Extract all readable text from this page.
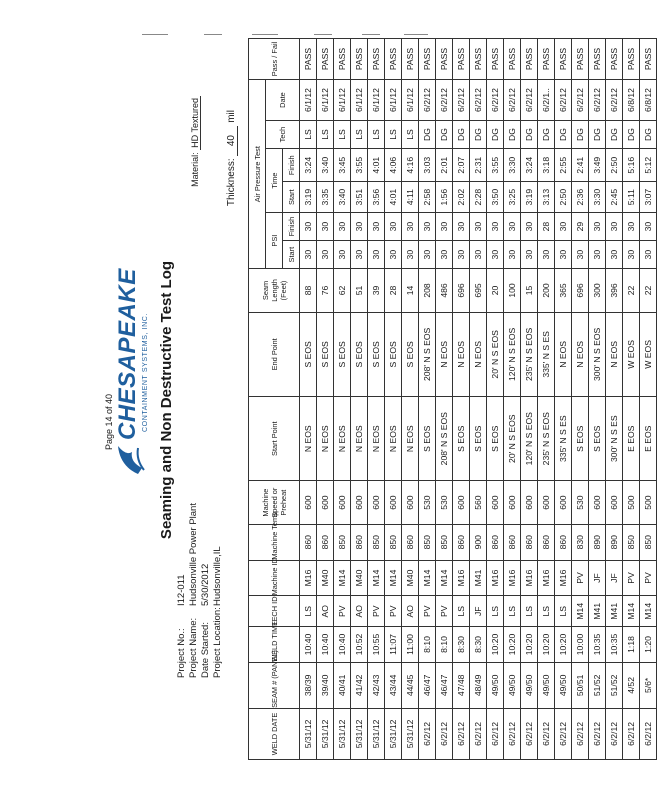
Page 14 of 40 CHESAPEAKE CONTAINMENT SYSTEMS, INC. Seaming and Non Destructive Test Log
Project No.:I12-011
Project Name:Hudsonville Power Plant
Date Started:5/30/2012
Project Location:Hudsonville,IL
Material: HD Textured
Thickness: 40 mil
WELD DATE	SEAM # (PANEL)	WELD TIME	TECH ID	Machine ID	Machine Temp	Machine Speed or Preheat	Start Point	End Point	Seam Length (Feet)	Air Pressure Test						Pass / Fail
										PSI		Time		Tech	Date	
										Start	Finish	Start	Finish			
5/31/12	38/39	10:40	LS	M16	860	600	N EOS	S EOS	88	30	30	3:19	3:24	LS	6/1/12	PASS
5/31/12	39/40	10:40	AO	M40	860	600	N EOS	S EOS	76	30	30	3:35	3:40	LS	6/1/12	PASS
5/31/12	40/41	10:40	PV	M14	850	600	N EOS	S EOS	62	30	30	3:40	3:45	LS	6/1/12	PASS
5/31/12	41/42	10:52	AO	M40	860	600	N EOS	S EOS	51	30	30	3:51	3:55	LS	6/1/12	PASS
5/31/12	42/43	10:55	PV	M14	850	600	N EOS	S EOS	39	30	30	3:56	4:01	LS	6/1/12	PASS
5/31/12	43/44	11:07	PV	M14	850	600	N EOS	S EOS	28	30	30	4:01	4:06	LS	6/1/12	PASS
5/31/12	44/45	11:00	AO	M40	860	600	N EOS	S EOS	14	30	30	4:11	4:16	LS	6/1/12	PASS
6/2/12	46/47	8:10	PV	M14	850	530	S EOS	208' N S EOS	208	30	30	2:58	3:03	DG	6/2/12	PASS
6/2/12	46/47	8:10	PV	M14	850	530	208' N S EOS	N EOS	486	30	30	1:56	2:01	DG	6/2/12	PASS
6/2/12	47/48	8:30	LS	M16	860	600	S EOS	N EOS	696	30	30	2:02	2:07	DG	6/2/12	PASS
6/2/12	48/49	8:30	JF	M41	900	560	S EOS	N EOS	695	30	30	2:28	2:31	DG	6/2/12	PASS
6/2/12	49/50	10:20	LS	M16	860	600	S EOS	20' N S EOS	20	30	30	3:50	3:55	DG	6/2/12	PASS
6/2/12	49/50	10:20	LS	M16	860	600	20' N S EOS	120' N S EOS	100	30	30	3:25	3:30	DG	6/2/12	PASS
6/2/12	49/50	10:20	LS	M16	860	600	120' N S EOS	235' N S EOS	15	30	30	3:19	3:24	DG	6/2/12	PASS
6/2/12	49/50	10:20	LS	M16	860	600	235' N S EOS	335' N S ES	200	30	28	3:13	3:18	DG	6/2/1..	PASS
6/2/12	49/50	10:20	LS	M16	860	600	335' N S ES	N EOS	365	30	30	2:50	2:55	DG	6/2/12	PASS
6/2/12	50/51	10:00	M14	PV	830	530	S EOS	N EOS	696	30	29	2:36	2:41	DG	6/2/12	PASS
6/2/12	51/52	10:35	M41	JF	890	600	S EOS	300' N S EOS	300	30	30	3:30	3:49	DG	6/2/12	PASS
6/2/12	51/52	10:35	M41	JF	890	600	300' N S ES	N EOS	396	30	30	2:45	2:50	DG	6/2/12	PASS
6/2/12	4/52	1:18	M14	PV	850	500	E EOS	W EOS	22	30	30	5:11	5:16	DG	6/8/12	PASS
6/2/12	5/6*	1:20	M14	PV	850	500	E EOS	W EOS	22	30	30	3:07	5:12	DG	6/8/12	PASS
